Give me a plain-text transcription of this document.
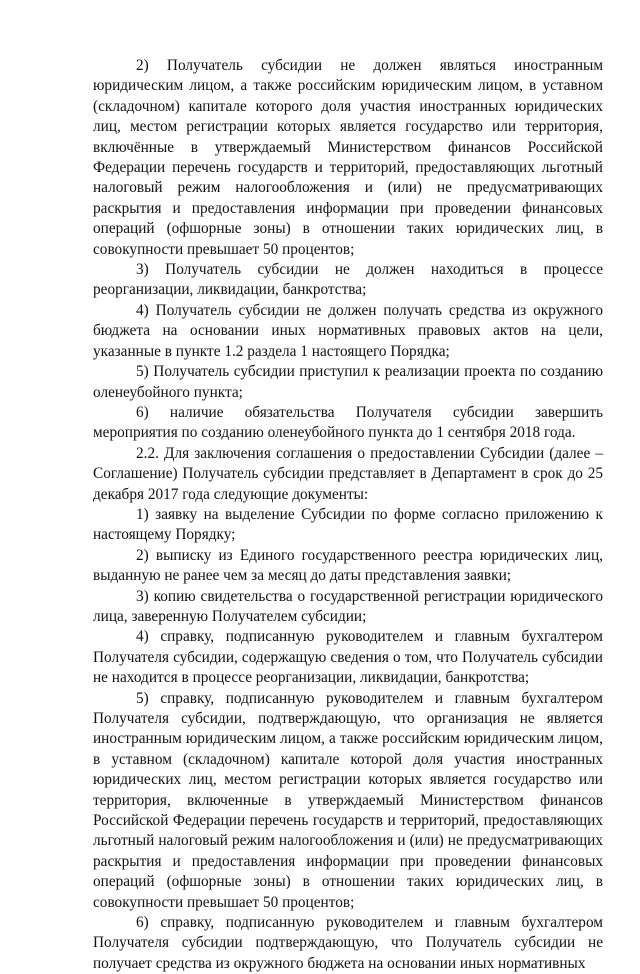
2) Получатель субсидии не должен являться иностранным юридическим лицом, а также российским юридическим лицом, в уставном (складочном) капитале которого доля участия иностранных юридических лиц, местом регистрации которых является государство или территория, включённые в утверждаемый Министерством финансов Российской Федерации перечень государств и территорий, предоставляющих льготный налоговый режим налогообложения и (или) не предусматривающих раскрытия и предоставления информации при проведении финансовых операций (офшорные зоны) в отношении таких юридических лиц, в совокупности превышает 50 процентов;

3) Получатель субсидии не должен находиться в процессе реорганизации, ликвидации, банкротства;

4) Получатель субсидии не должен получать средства из окружного бюджета на основании иных нормативных правовых актов на цели, указанные в пункте 1.2 раздела 1 настоящего Порядка;

5) Получатель субсидии приступил к реализации проекта по созданию оленеубойного пункта;

6) наличие обязательства Получателя субсидии завершить мероприятия по созданию оленеубойного пункта до 1 сентября 2018 года.

2.2. Для заключения соглашения о предоставлении Субсидии (далее – Соглашение) Получатель субсидии представляет в Департамент в срок до 25 декабря 2017 года следующие документы:

1) заявку на выделение Субсидии по форме согласно приложению к настоящему Порядку;

2) выписку из Единого государственного реестра юридических лиц, выданную не ранее чем за месяц до даты представления заявки;

3) копию свидетельства о государственной регистрации юридического лица, заверенную Получателем субсидии;

4) справку, подписанную руководителем и главным бухгалтером Получателя субсидии, содержащую сведения о том, что Получатель субсидии не находится в процессе реорганизации, ликвидации, банкротства;

5) справку, подписанную руководителем и главным бухгалтером Получателя субсидии, подтверждающую, что организация не является иностранным юридическим лицом, а также российским юридическим лицом, в уставном (складочном) капитале которой доля участия иностранных юридических лиц, местом регистрации которых является государство или территория, включенные в утверждаемый Министерством финансов Российской Федерации перечень государств и территорий, предоставляющих льготный налоговый режим налогообложения и (или) не предусматривающих раскрытия и предоставления информации при проведении финансовых операций (офшорные зоны) в отношении таких юридических лиц, в совокупности превышает 50 процентов;

6) справку, подписанную руководителем и главным бухгалтером Получателя субсидии подтверждающую, что Получатель субсидии не получает средства из окружного бюджета на основании иных нормативных
